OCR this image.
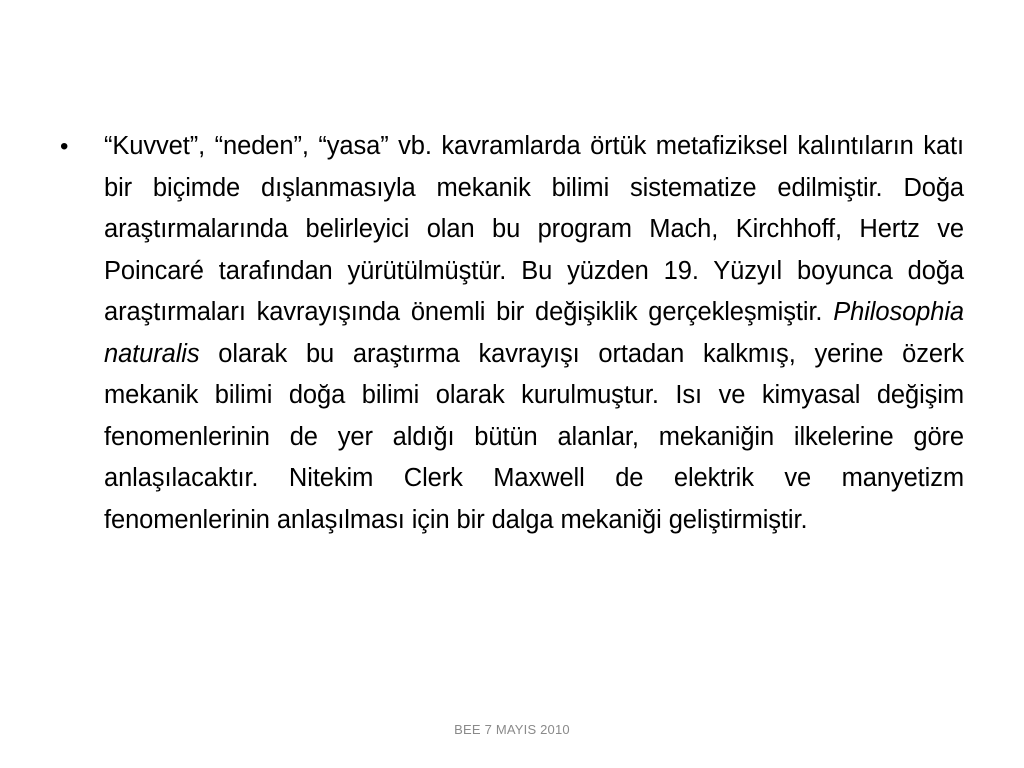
•	“Kuvvet”, “neden”, “yasa” vb. kavramlarda örtük metafiziksel kalıntıların katı bir biçimde dışlanmasıyla mekanik bilimi sistematize edilmiştir. Doğa araştırmalarında belirleyici olan bu program Mach, Kirchhoff, Hertz ve Poincaré tarafından yürütülmüştür. Bu yüzden 19. Yüzyıl boyunca doğa araştırmaları kavrayışında önemli bir değişiklik gerçekleşmiştir. Philosophia naturalis olarak bu araştırma kavrayışı ortadan kalkmış, yerine özerk mekanik bilimi doğa bilimi olarak kurulmuştur. Isı ve kimyasal değişim fenomenlerinin de yer aldığı bütün alanlar, mekaniğin ilkelerine göre anlaşılacaktır. Nitekim Clerk Maxwell de elektrik ve manyetizm fenomenlerinin anlaşılması için bir dalga mekaniği geliştirmiştir.

BEE 7 MAYIS 2010
